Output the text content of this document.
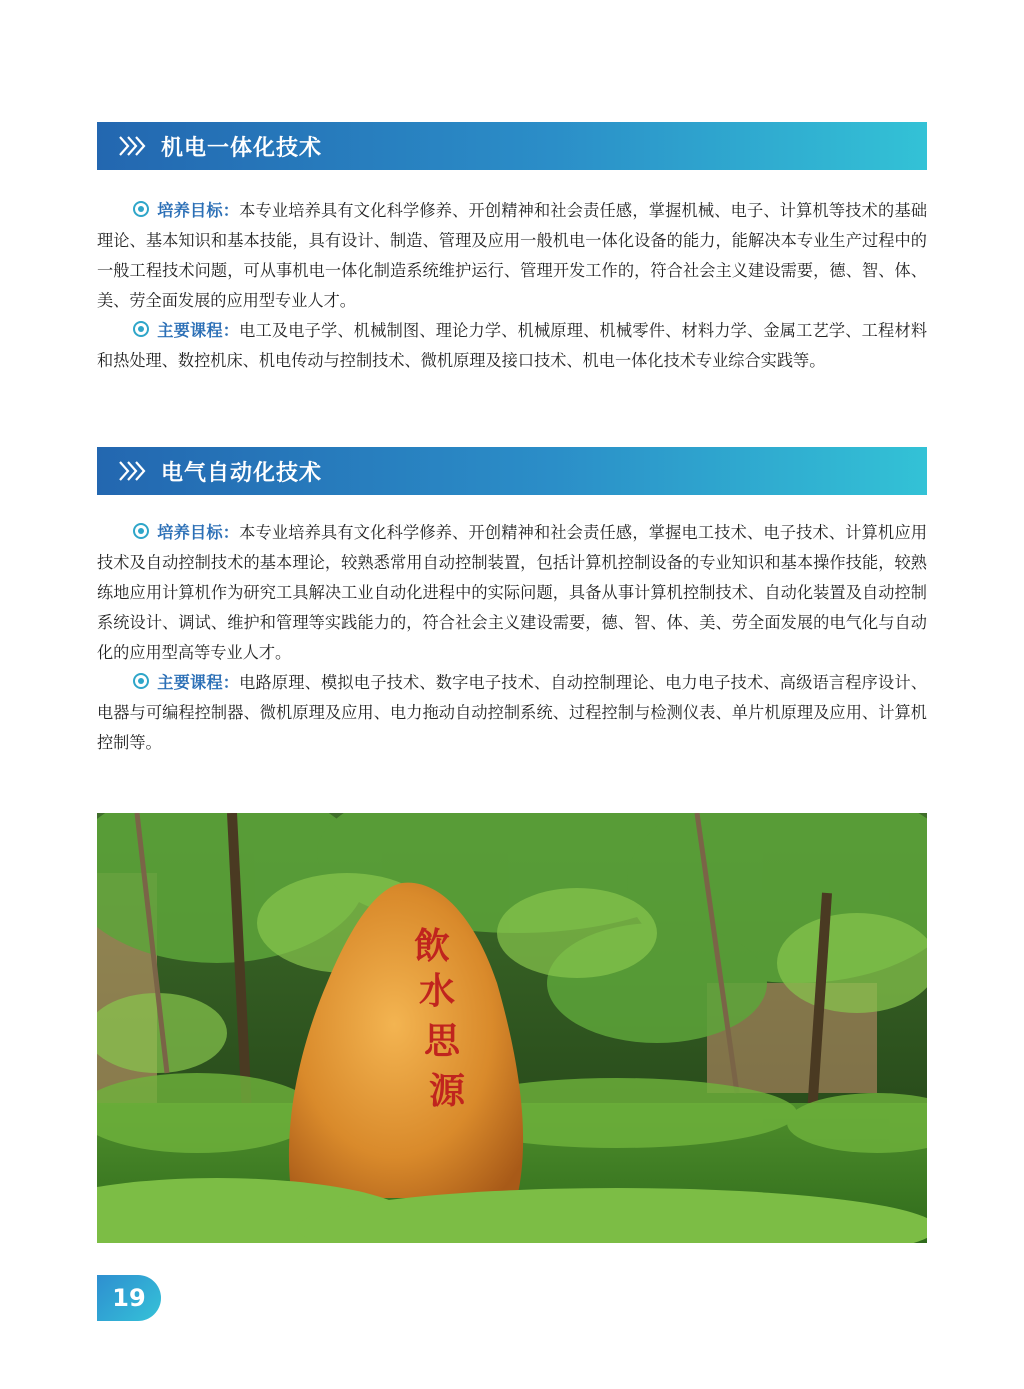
机电一体化技术

培养目标：本专业培养具有文化科学修养、开创精神和社会责任感，掌握机械、电子、计算机等技术的基础理论、基本知识和基本技能，具有设计、制造、管理及应用一般机电一体化设备的能力，能解决本专业生产过程中的一般工程技术问题，可从事机电一体化制造系统维护运行、管理开发工作的，符合社会主义建设需要，德、智、体、美、劳全面发展的应用型专业人才。

主要课程：电工及电子学、机械制图、理论力学、机械原理、机械零件、材料力学、金属工艺学、工程材料和热处理、数控机床、机电传动与控制技术、微机原理及接口技术、机电一体化技术专业综合实践等。

电气自动化技术

培养目标：本专业培养具有文化科学修养、开创精神和社会责任感，掌握电工技术、电子技术、计算机应用技术及自动控制技术的基本理论，较熟悉常用自动控制装置，包括计算机控制设备的专业知识和基本操作技能，较熟练地应用计算机作为研究工具解决工业自动化进程中的实际问题，具备从事计算机控制技术、自动化装置及自动控制系统设计、调试、维护和管理等实践能力的，符合社会主义建设需要，德、智、体、美、劳全面发展的电气化与自动化的应用型高等专业人才。

主要课程：电路原理、模拟电子技术、数字电子技术、自动控制理论、电力电子技术、高级语言程序设计、电器与可编程控制器、微机原理及应用、电力拖动自动控制系统、过程控制与检测仪表、单片机原理及应用、计算机控制等。

飲
水
思
源
19
